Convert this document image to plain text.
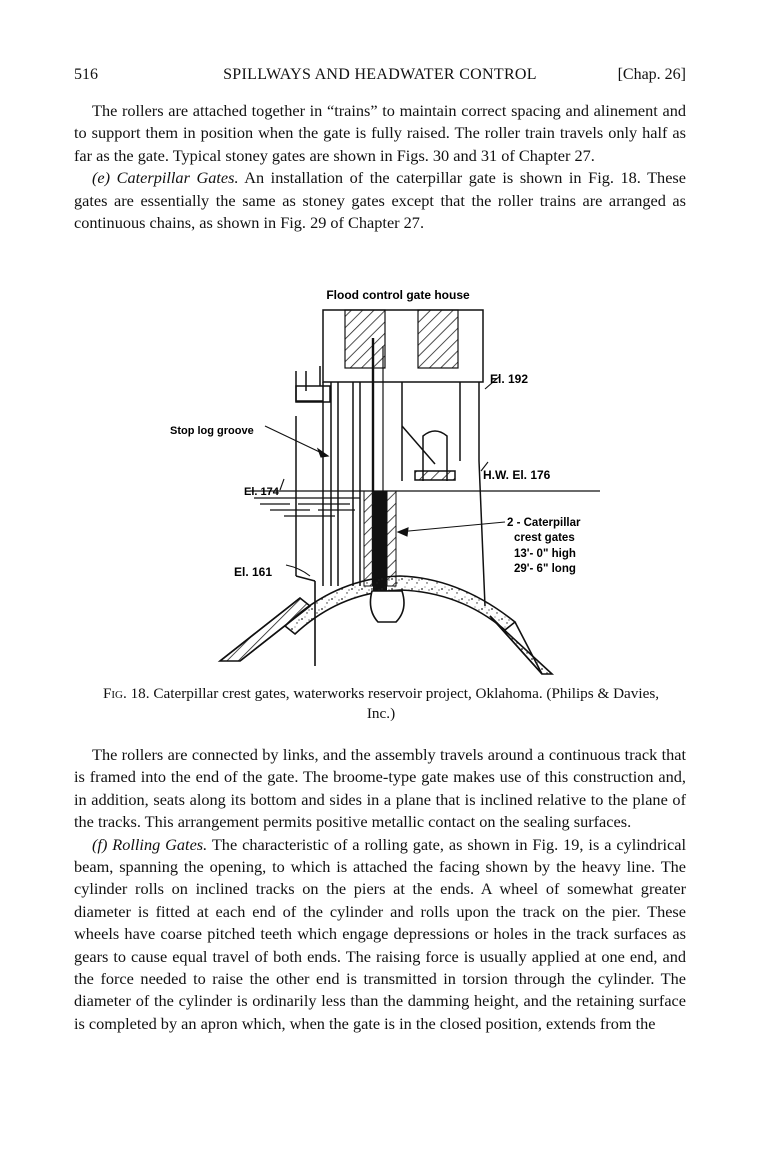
516	SPILLWAYS AND HEADWATER CONTROL	[Chap. 26]

The rollers are attached together in “trains” to maintain correct spacing and alinement and to support them in position when the gate is fully raised. The roller train travels only half as far as the gate. Typical stoney gates are shown in Figs. 30 and 31 of Chapter 27.

(e) Caterpillar Gates. An installation of the caterpillar gate is shown in Fig. 18. These gates are essentially the same as stoney gates except that the roller trains are arranged as continuous chains, as shown in Fig. 29 of Chapter 27.

Flood control gate house
El. 192
Stop log groove
H.W. El. 176
El. 174
2 - Caterpillar
crest gates
13'- 0" high
29'- 6" long
El. 161
Fig. 18. Caterpillar crest gates, waterworks reservoir project, Oklahoma. (Philips & Davies, Inc.)

The rollers are connected by links, and the assembly travels around a continuous track that is framed into the end of the gate. The broome-type gate makes use of this construction and, in addition, seats along its bottom and sides in a plane that is inclined relative to the plane of the tracks. This arrangement permits positive metallic contact on the sealing surfaces.

(f) Rolling Gates. The characteristic of a rolling gate, as shown in Fig. 19, is a cylindrical beam, spanning the opening, to which is attached the facing shown by the heavy line. The cylinder rolls on inclined tracks on the piers at the ends. A wheel of somewhat greater diameter is fitted at each end of the cylinder and rolls upon the track on the pier. These wheels have coarse pitched teeth which engage depressions or holes in the track surfaces as gears to cause equal travel of both ends. The raising force is usually applied at one end, and the force needed to raise the other end is transmitted in torsion through the cylinder. The diameter of the cylinder is ordinarily less than the damming height, and the retaining surface is completed by an apron which, when the gate is in the closed position, extends from the
